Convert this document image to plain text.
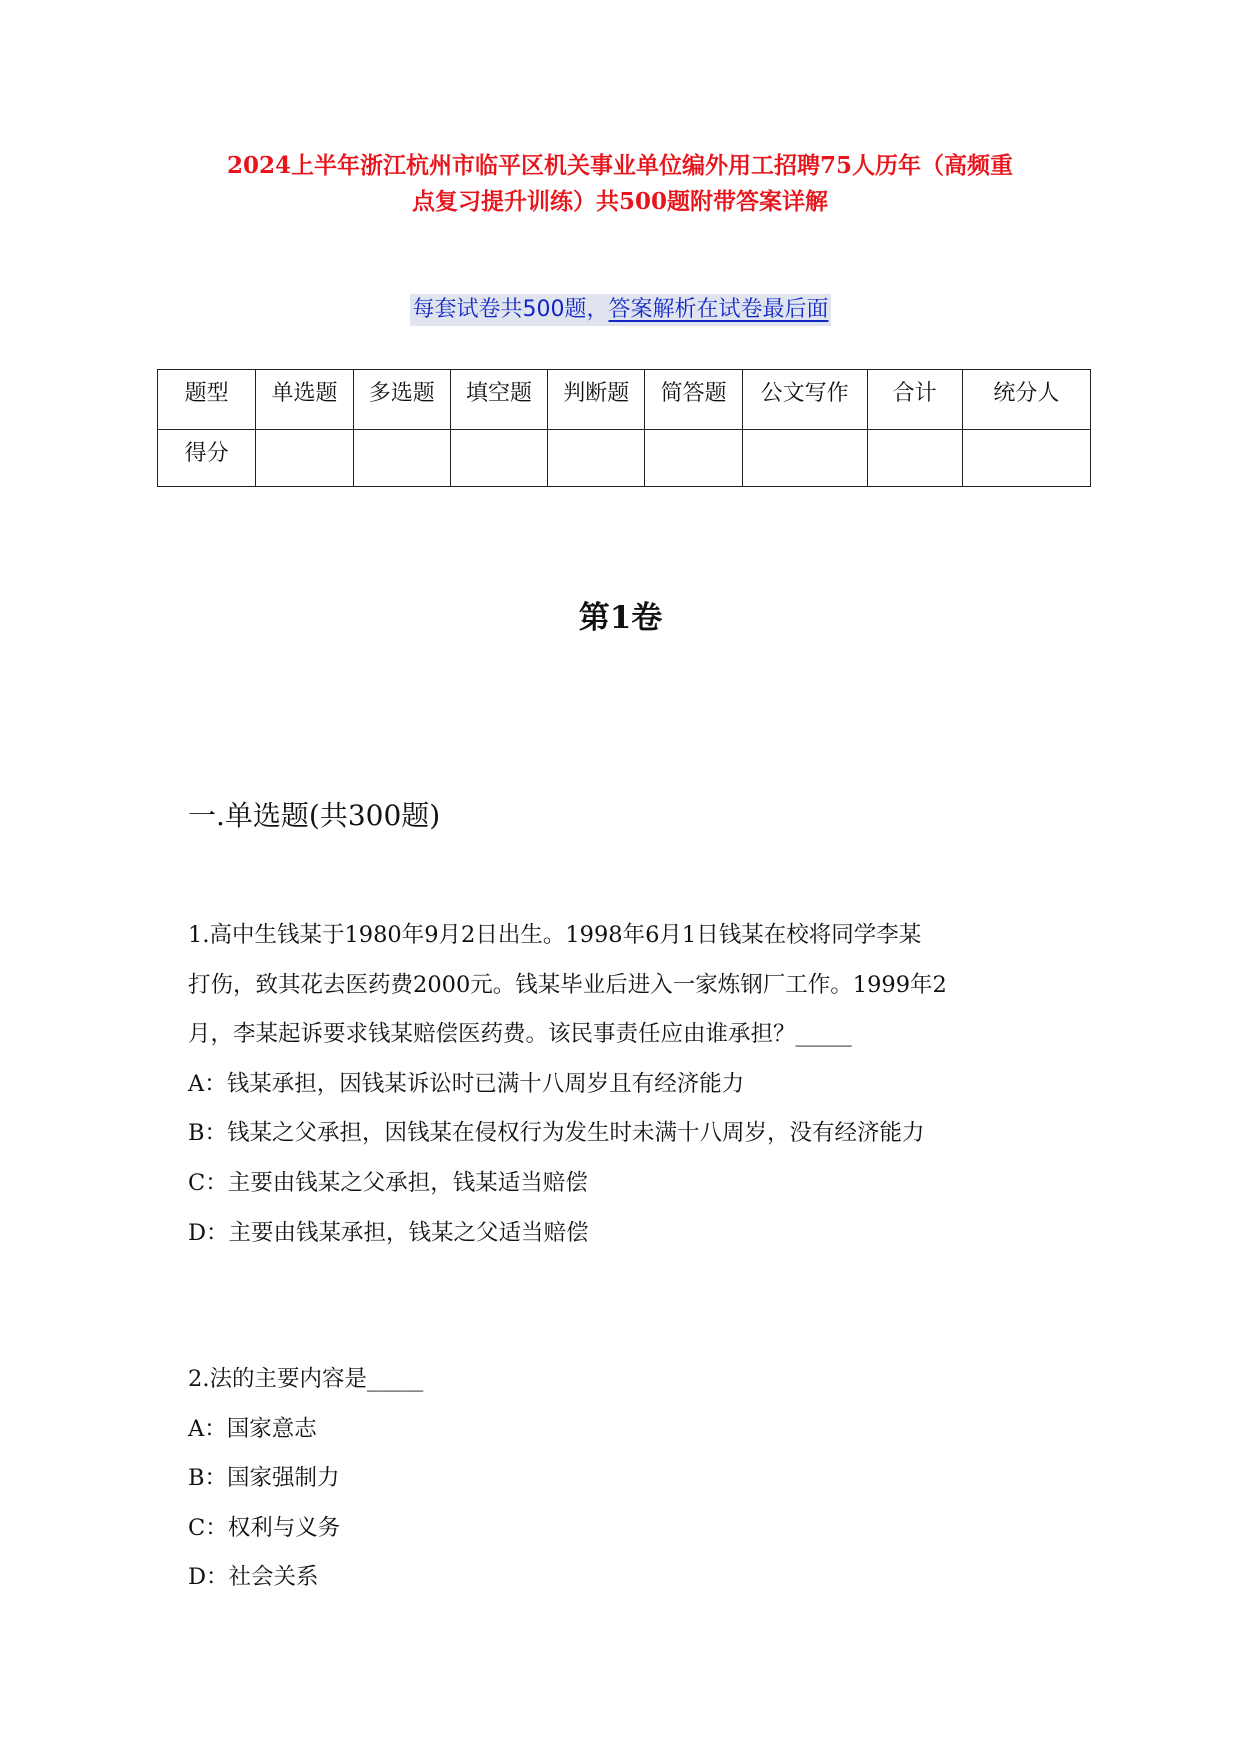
2024上半年浙江杭州市临平区机关事业单位编外用工招聘75人历年（高频重
点复习提升训练）共500题附带答案详解
每套试卷共500题，答案解析在试卷最后面
题型	单选题	多选题	填空题	判断题	简答题	公文写作	合计	统分人
得分								
第1卷
一.单选题(共300题)

1.高中生钱某于1980年9月2日出生。1998年6月1日钱某在校将同学李某

打伤，致其花去医药费2000元。钱某毕业后进入一家炼钢厂工作。1999年2

月，李某起诉要求钱某赔偿医药费。该民事责任应由谁承担？_____

A：钱某承担，因钱某诉讼时已满十八周岁且有经济能力

B：钱某之父承担，因钱某在侵权行为发生时未满十八周岁，没有经济能力

C：主要由钱某之父承担，钱某适当赔偿

D：主要由钱某承担，钱某之父适当赔偿

2.法的主要内容是_____

A：国家意志

B：国家强制力

C：权利与义务

D：社会关系
